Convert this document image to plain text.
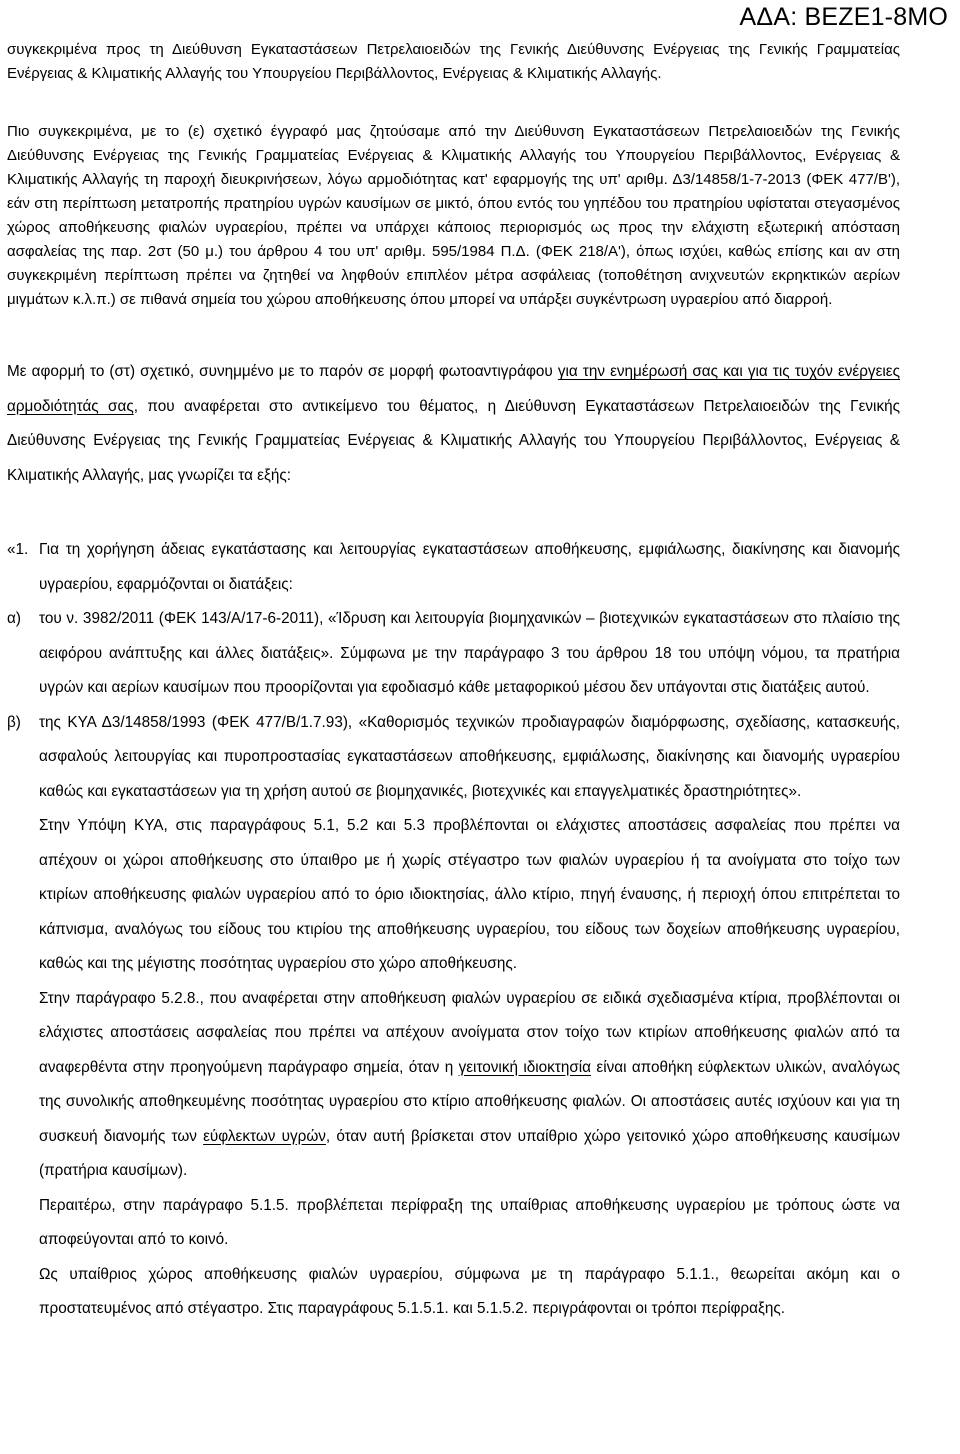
ΑΔΑ: ΒΕΖΕ1-8ΜΟ

συγκεκριμένα προς τη Διεύθυνση Εγκαταστάσεων Πετρελαιοειδών της Γενικής Διεύθυνσης Ενέργειας της Γενικής Γραμματείας Ενέργειας & Κλιματικής Αλλαγής του Υπουργείου Περιβάλλοντος, Ενέργειας & Κλιματικής Αλλαγής.

Πιο συγκεκριμένα, με το (ε) σχετικό έγγραφό μας ζητούσαμε από την Διεύθυνση Εγκαταστάσεων Πετρελαιοειδών της Γενικής Διεύθυνσης Ενέργειας της Γενικής Γραμματείας Ενέργειας & Κλιματικής Αλλαγής του Υπουργείου Περιβάλλοντος, Ενέργειας & Κλιματικής Αλλαγής τη παροχή διευκρινήσεων, λόγω αρμοδιότητας κατ' εφαρμογής της υπ' αριθμ. Δ3/14858/1-7-2013 (ΦΕΚ 477/Β'), εάν στη περίπτωση μετατροπής πρατηρίου υγρών καυσίμων σε μικτό, όπου εντός του γηπέδου του πρατηρίου υφίσταται στεγασμένος χώρος αποθήκευσης φιαλών υγραερίου, πρέπει να υπάρχει κάποιος περιορισμός ως προς την ελάχιστη εξωτερική απόσταση ασφαλείας της παρ. 2στ (50 μ.) του άρθρου 4 του υπ' αριθμ. 595/1984 Π.Δ. (ΦΕΚ 218/Α'), όπως ισχύει, καθώς επίσης και αν στη συγκεκριμένη περίπτωση πρέπει να ζητηθεί να ληφθούν επιπλέον μέτρα ασφάλειας (τοποθέτηση ανιχνευτών εκρηκτικών αερίων μιγμάτων κ.λ.π.) σε πιθανά σημεία του χώρου αποθήκευσης όπου μπορεί να υπάρξει συγκέντρωση υγραερίου από διαρροή.

Με αφορμή το (στ) σχετικό, συνημμένο με το παρόν σε μορφή φωτοαντιγράφου για την ενημέρωσή σας και για τις τυχόν ενέργειες αρμοδιότητάς σας, που αναφέρεται στο αντικείμενο του θέματος, η Διεύθυνση Εγκαταστάσεων Πετρελαιοειδών της Γενικής Διεύθυνσης Ενέργειας της Γενικής Γραμματείας Ενέργειας & Κλιματικής Αλλαγής του Υπουργείου Περιβάλλοντος, Ενέργειας & Κλιματικής Αλλαγής, μας γνωρίζει τα εξής:

«1. Για τη χορήγηση άδειας εγκατάστασης και λειτουργίας εγκαταστάσεων αποθήκευσης, εμφιάλωσης, διακίνησης και διανομής υγραερίου, εφαρμόζονται οι διατάξεις:
α) του ν. 3982/2011 (ΦΕΚ 143/Α/17-6-2011), «Ίδρυση και λειτουργία βιομηχανικών – βιοτεχνικών εγκαταστάσεων στο πλαίσιο της αειφόρου ανάπτυξης και άλλες διατάξεις». Σύμφωνα με την παράγραφο 3 του άρθρου 18 του υπόψη νόμου, τα πρατήρια υγρών και αερίων καυσίμων που προορίζονται για εφοδιασμό κάθε μεταφορικού μέσου δεν υπάγονται στις διατάξεις αυτού.
β) της ΚΥΑ Δ3/14858/1993 (ΦΕΚ 477/Β/1.7.93), «Καθορισμός τεχνικών προδιαγραφών διαμόρφωσης, σχεδίασης, κατασκευής, ασφαλούς λειτουργίας και πυροπροστασίας εγκαταστάσεων αποθήκευσης, εμφιάλωσης, διακίνησης και διανομής υγραερίου καθώς και εγκαταστάσεων για τη χρήση αυτού σε βιομηχανικές, βιοτεχνικές και επαγγελματικές δραστηριότητες».
Στην Υπόψη ΚΥΑ, στις παραγράφους 5.1, 5.2 και 5.3 προβλέπονται οι ελάχιστες αποστάσεις ασφαλείας που πρέπει να απέχουν οι χώροι αποθήκευσης στο ύπαιθρο με ή χωρίς στέγαστρο των φιαλών υγραερίου ή τα ανοίγματα στο τοίχο των κτιρίων αποθήκευσης φιαλών υγραερίου από το όριο ιδιοκτησίας, άλλο κτίριο, πηγή έναυσης, ή περιοχή όπου επιτρέπεται το κάπνισμα, αναλόγως του είδους του κτιρίου της αποθήκευσης υγραερίου, του είδους των δοχείων αποθήκευσης υγραερίου, καθώς και της μέγιστης ποσότητας υγραερίου στο χώρο αποθήκευσης.
Στην παράγραφο 5.2.8., που αναφέρεται στην αποθήκευση φιαλών υγραερίου σε ειδικά σχεδιασμένα κτίρια, προβλέπονται οι ελάχιστες αποστάσεις ασφαλείας που πρέπει να απέχουν ανοίγματα στον τοίχο των κτιρίων αποθήκευσης φιαλών από τα αναφερθέντα στην προηγούμενη παράγραφο σημεία, όταν η γειτονική ιδιοκτησία είναι αποθήκη εύφλεκτων υλικών, αναλόγως της συνολικής αποθηκευμένης ποσότητας υγραερίου στο κτίριο αποθήκευσης φιαλών. Οι αποστάσεις αυτές ισχύουν και για τη συσκευή διανομής των εύφλεκτων υγρών, όταν αυτή βρίσκεται στον υπαίθριο χώρο γειτονικό χώρο αποθήκευσης καυσίμων (πρατήρια καυσίμων).
Περαιτέρω, στην παράγραφο 5.1.5. προβλέπεται περίφραξη της υπαίθριας αποθήκευσης υγραερίου με τρόπους ώστε να αποφεύγονται από το κοινό.
Ως υπαίθριος χώρος αποθήκευσης φιαλών υγραερίου, σύμφωνα με τη παράγραφο 5.1.1., θεωρείται ακόμη και ο προστατευμένος από στέγαστρο. Στις παραγράφους 5.1.5.1. και 5.1.5.2. περιγράφονται οι τρόποι περίφραξης.
